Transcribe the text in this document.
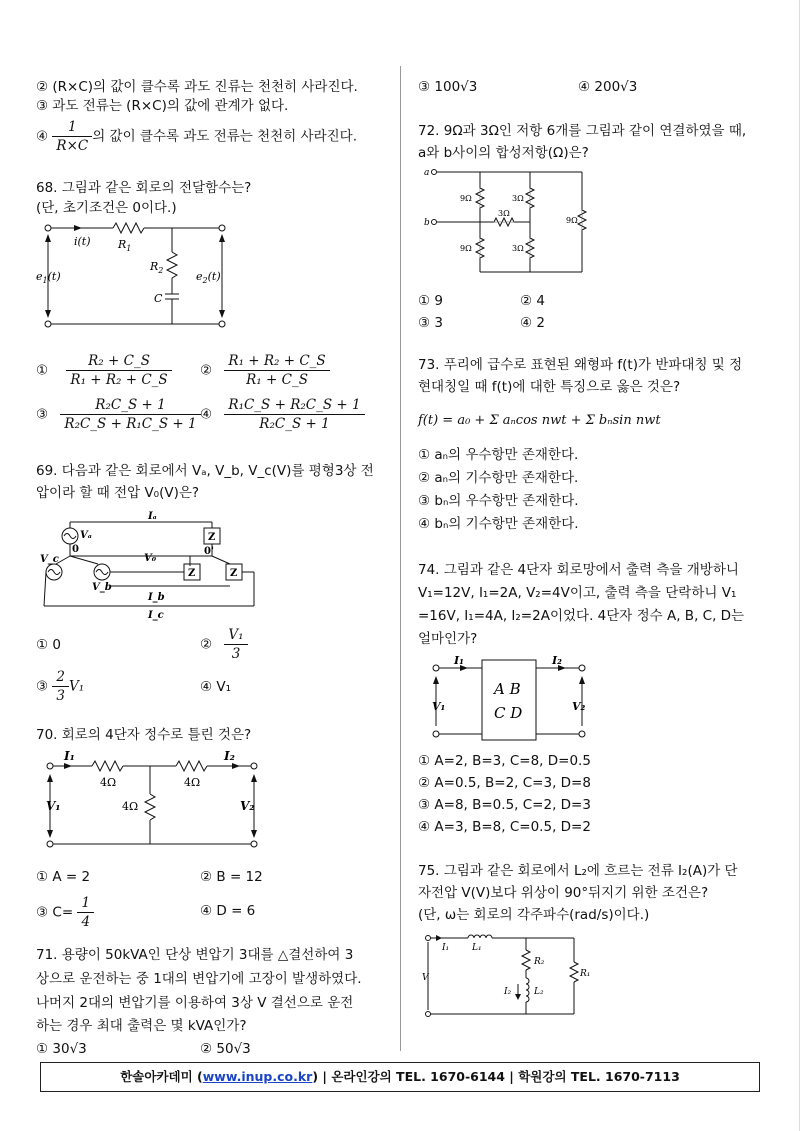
② (R×C)의 값이 클수록 과도 진류는 천천히 사라진다.
③ 과도 전류는 (R×C)의 값에 관계가 없다.
④ $\frac{1}{R\times C}$ 의 값이 클수록 과도 전류는 천천히 사라진다.
68. 그림과 같은 회로의 전달함수는?
(단, 초기조건은 0이다.)
i(t) $R_1$
$R_2$
C
$e_1(t)$	$e_2(t)$
① $\frac{\text{R₂ + C\_S}}{\text{R₁ + R₂ + C\_S}}$ ② $\frac{\text{R₁ + R₂ + C\_S}}{\text{R₁ + C\_S}}$
③ $\frac{\text{R₂C\_S + 1}}{\text{R₂C\_S + R₁C\_S + 1}}$ ④ $\frac{\text{R₁C\_S + R₂C\_S + 1}}{\text{R₂C\_S + 1}}$
69. 다음과 같은 회로에서 Vₐ, V_b, V_c(V)를 평형3상 전
압이라 할 때 전압 V₀(V)은?
Z
Z	Z
Iₐ
Vₐ
V₀
0	0'
V_c
V_b
I_b
I_c
① 0	② $\frac{\text{V₁}}{3}$
③ $\frac{2}{3} V_1$	④ V₁
70. 회로의 4단자 정수로 틀린 것은?
I₁	I₂
4Ω	4Ω
4Ω
V₁	V₂
① A = 2	② B = 12
③ $C= \frac{1}{4}$	④ D = 6
71. 용량이 50kVA인 단상 변압기 3대를 △결선하여 3
상으로 운전하는 중 1대의 변압기에 고장이 발생하였다.
나머지 2대의 변압기를 이용하여 3상 V 결선으로 운전
하는 경우 최대 출력은 몇 kVA인가?
① 30√3	② 50√3
③ 100√3	④ 200√3
72. 9Ω과 3Ω인 저항 6개를 그림과 같이 연결하였을 때,
a와 b사이의 합성저항(Ω)은?
a
b
9Ω	3Ω
3Ω
9Ω
9Ω	3Ω
① 9	② 4
③ 3	④ 2
73. 푸리에 급수로 표현된 왜형파 f(t)가 반파대칭 및 정
현대칭일 때 f(t)에 대한 특징으로 옳은 것은?
f(t) = a₀ + Σ aₙcos nwt + Σ bₙsin nwt
① aₙ의 우수항만 존재한다.
② aₙ의 기수항만 존재한다.
③ bₙ의 우수항만 존재한다.
④ bₙ의 기수항만 존재한다.
74. 그림과 같은 4단자 회로망에서 출력 측을 개방하니
V₁=12V, I₁=2A, V₂=4V이고, 출력 측을 단락하니 V₁
=16V, I₁=4A, I₂=2A이었다. 4단자 정수 A, B, C, D는
얼마인가?
I₁	I₂
V₁	V₂
A B
C D
① A=2, B=3, C=8, D=0.5
② A=0.5, B=2, C=3, D=8
③ A=8, B=0.5, C=2, D=3
④ A=3, B=8, C=0.5, D=2
75. 그림과 같은 회로에서 L₂에 흐르는 전류 I₂(A)가 단
자전압 V(V)보다 위상이 90°뒤지기 위한 조건은?
(단, ω는 회로의 각주파수(rad/s)이다.)
I₁	L₁
V
R₂
I₂	L₂
R₁
한솔아카데미 (www.inup.co.kr) | 온라인강의 TEL. 1670-6144 | 학원강의 TEL. 1670-7113
